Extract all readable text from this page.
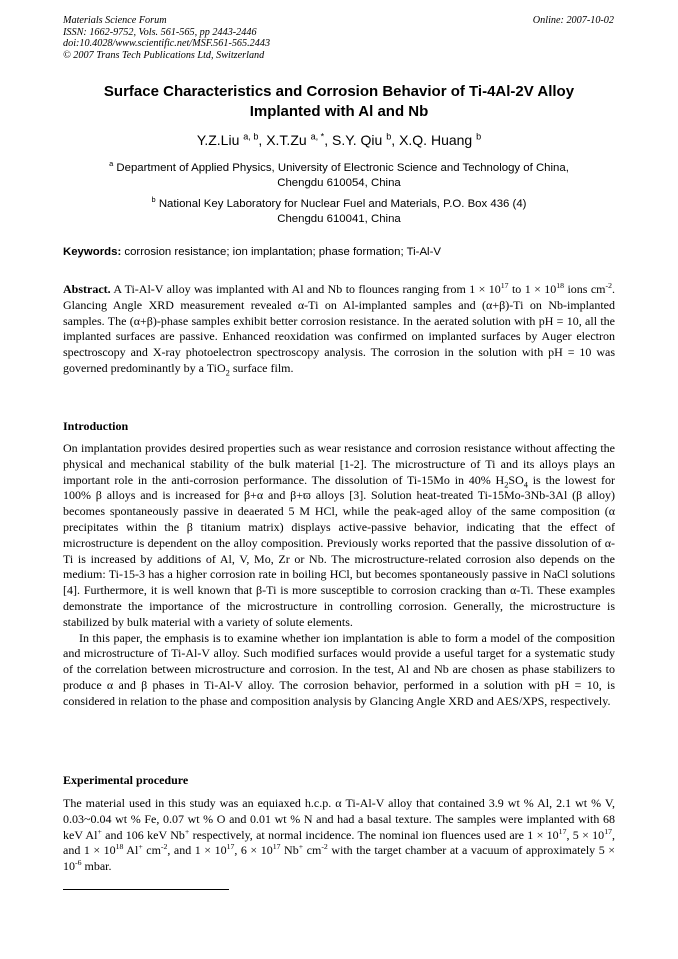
Materials Science Forum
ISSN: 1662-9752, Vols. 561-565, pp 2443-2446
doi:10.4028/www.scientific.net/MSF.561-565.2443
© 2007 Trans Tech Publications Ltd, Switzerland
Online: 2007-10-02
Surface Characteristics and Corrosion Behavior of Ti-4Al-2V Alloy
Implanted with Al and Nb
Y.Z.Liu $^{a, b}$, X.T.Zu $^{a, *}$, S.Y. Qiu $^b$, X.Q. Huang $^b$
$^a$ Department of Applied Physics, University of Electronic Science and Technology of China,
Chengdu 610054, China
$^b$ National Key Laboratory for Nuclear Fuel and Materials, P.O. Box 436 (4)
Chengdu 610041, China
Keywords: corrosion resistance; ion implantation; phase formation; Ti-Al-V
Abstract. A Ti-Al-V alloy was implanted with Al and Nb to flounces ranging from $1 \times 10^{17}$ to $1 \times 10^{18}$ ions $cm^{-2}$. Glancing Angle XRD measurement revealed α-Ti on Al-implanted samples and (α+β)-Ti on Nb-implanted samples. The (α+β)-phase samples exhibit better corrosion resistance. In the aerated solution with pH = 10, all the implanted surfaces are passive. Enhanced reoxidation was confirmed on implanted surfaces by Auger electron spectroscopy and X-ray photoelectron spectroscopy analysis. The corrosion in the solution with pH = 10 was governed predominantly by a TiO$_2$ surface film.
Introduction

On implantation provides desired properties such as wear resistance and corrosion resistance without affecting the physical and mechanical stability of the bulk material [1-2]. The microstructure of Ti and its alloys plays an important role in the anti-corrosion performance. The dissolution of Ti-15Mo in 40% $H_2SO_4$ is the lowest for 100% β alloys and is increased for β+α and β+ϖ alloys [3]. Solution heat-treated Ti-15Mo-3Nb-3Al (β alloy) becomes spontaneously passive in deaerated 5 M HCl, while the peak-aged alloy of the same composition (α precipitates within the β titanium matrix) displays active-passive behavior, indicating that the effect of microstructure is dependent on the alloy composition. Previously works reported that the passive dissolution of α-Ti is increased by additions of Al, V, Mo, Zr or Nb. The microstructure-related corrosion also depends on the medium: Ti-15-3 has a higher corrosion rate in boiling HCl, but becomes spontaneously passive in NaCl solutions [4]. Furthermore, it is well known that β-Ti is more susceptible to corrosion cracking than α-Ti. These examples demonstrate the importance of the microstructure in controlling corrosion. Generally, the microstructure is stabilized by bulk material with a variety of solute elements.

In this paper, the emphasis is to examine whether ion implantation is able to form a model of the composition and microstructure of Ti-Al-V alloy. Such modified surfaces would provide a useful target for a systematic study of the correlation between microstructure and corrosion. In the test, Al and Nb are chosen as phase stabilizers to produce α and β phases in Ti-Al-V alloy. The corrosion behavior, performed in a solution with pH = 10, is considered in relation to the phase and composition analysis by Glancing Angle XRD and AES/XPS, respectively.

Experimental procedure

The material used in this study was an equiaxed h.c.p. α Ti-Al-V alloy that contained 3.9 wt % Al, 2.1 wt % V, 0.03~0.04 wt % Fe, 0.07 wt % O and 0.01 wt % N and had a basal texture. The samples were implanted with 68 keV Al+ and 106 keV Nb+ respectively, at normal incidence. The nominal ion fluences used are $1 \times 10^{17}$, $5 \times 10^{17}$, and $1 \times 10^{18}$ Al+ $cm^{-2}$, and $1 \times 10^{17}$, $6 \times 10^{17}$ Nb+ $cm^{-2}$ with the target chamber at a vacuum of approximately $5 \times 10^{-6}$ mbar.
